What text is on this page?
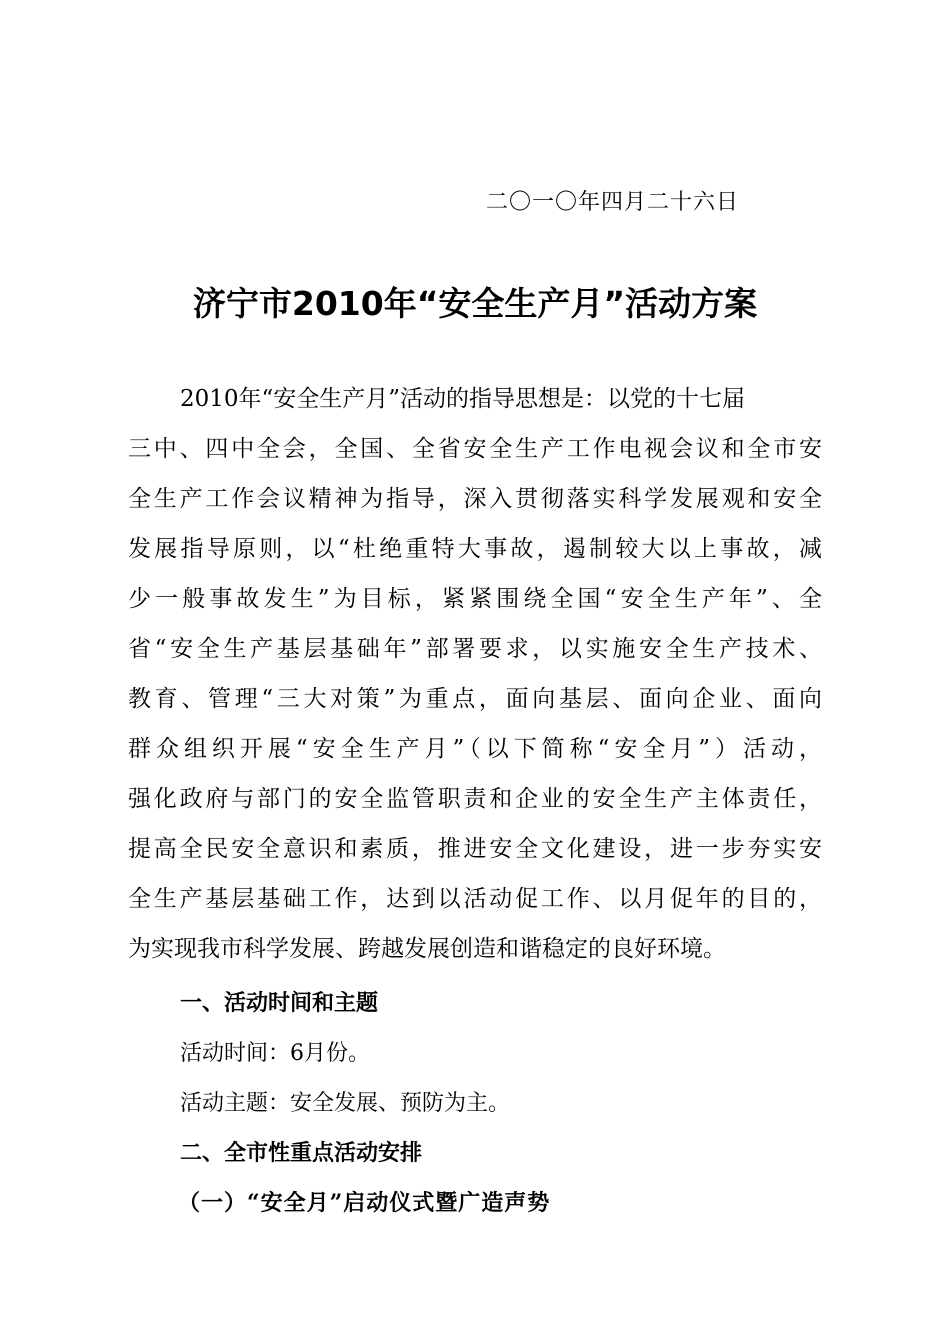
二〇一〇年四月二十六日
济宁市2010年“安全生产月”活动方案
2010年“安全生产月”活动的指导思想是：以党的十七届
三中、四中全会，全国、全省安全生产工作电视会议和全市安
全生产工作会议精神为指导，深入贯彻落实科学发展观和安全
发展指导原则，以“杜绝重特大事故，遏制较大以上事故，减
少一般事故发生”为目标，紧紧围绕全国“安全生产年”、全
省“安全生产基层基础年”部署要求，以实施安全生产技术、
教育、管理“三大对策”为重点，面向基层、面向企业、面向
群众组织开展“安全生产月”（以下简称“安全月”）活动，
强化政府与部门的安全监管职责和企业的安全生产主体责任，
提高全民安全意识和素质，推进安全文化建设，进一步夯实安
全生产基层基础工作，达到以活动促工作、以月促年的目的，
为实现我市科学发展、跨越发展创造和谐稳定的良好环境。
一、活动时间和主题
活动时间：6月份。
活动主题：安全发展、预防为主。
二、全市性重点活动安排
（一）“安全月”启动仪式暨广造声势
